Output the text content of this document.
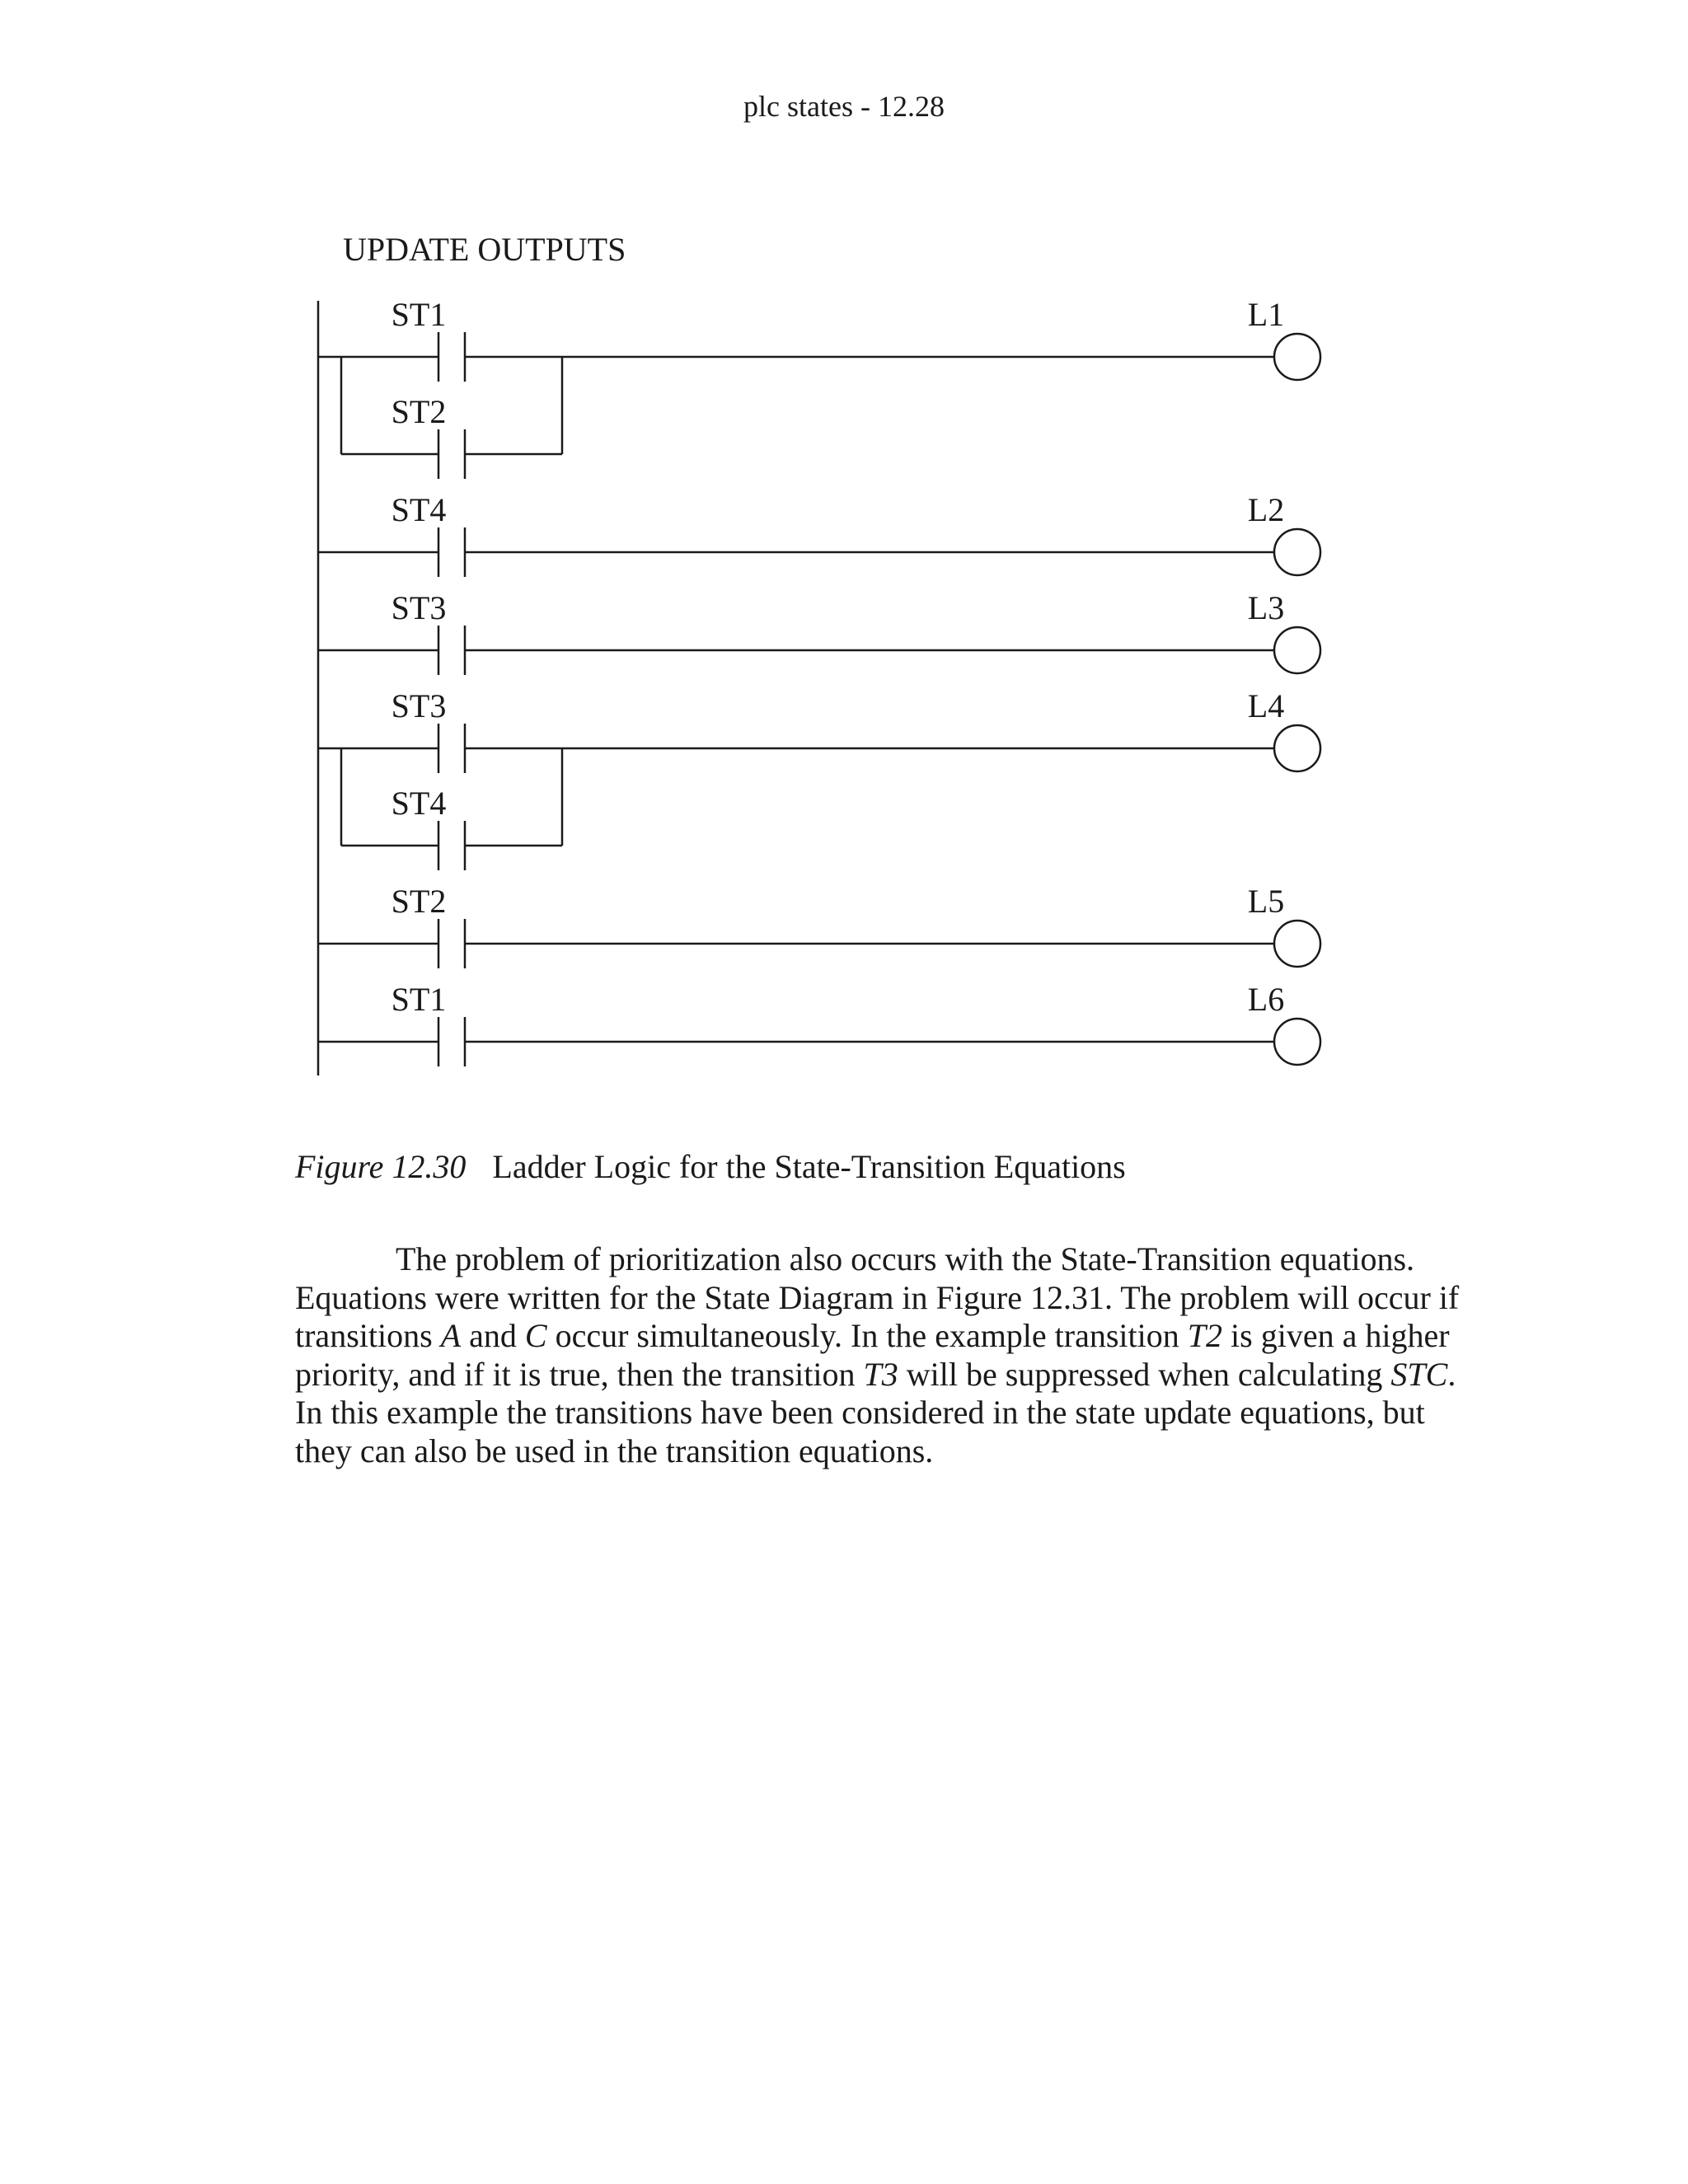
plc states - 12.28
UPDATE OUTPUTS
ST1
ST2
L1
ST4	L2
ST3	L3
ST3
ST4
L4
ST2	L5
ST1	L6
Figure 12.30 Ladder Logic for the State-Transition Equations

The problem of prioritization also occurs with the State-Transition equations. Equations were written for the State Diagram in Figure 12.31. The problem will occur if transitions A and C occur simultaneously. In the example transition T2 is given a higher priority, and if it is true, then the transition T3 will be suppressed when calculating STC. In this example the transitions have been considered in the state update equations, but they can also be used in the transition equations.
